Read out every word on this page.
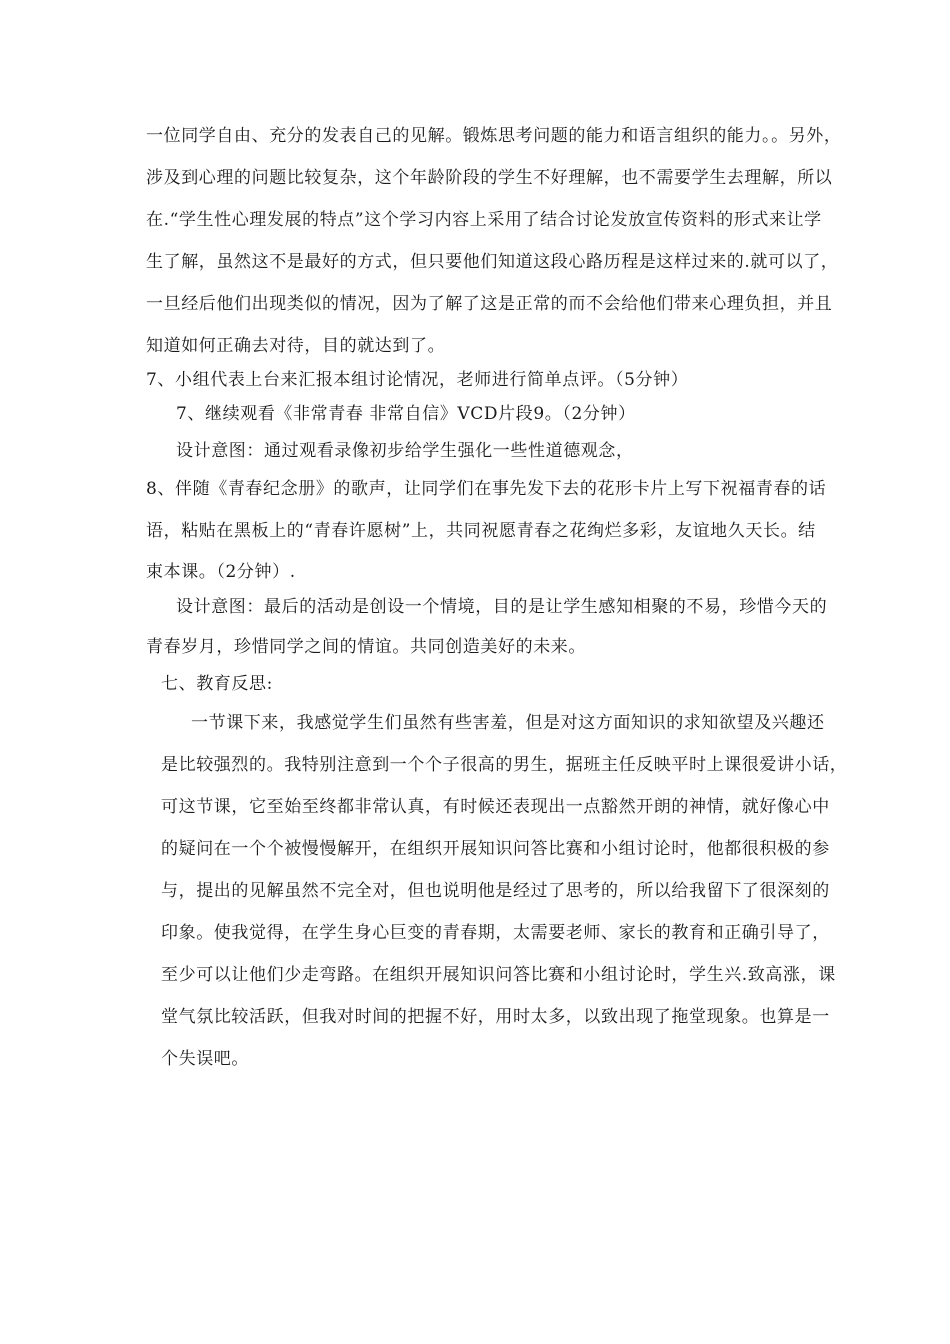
一位同学自由、充分的发表自己的见解。锻炼思考问题的能力和语言组织的能力。。另外，
涉及到心理的问题比较复杂，这个年龄阶段的学生不好理解，也不需要学生去理解，所以
在.“学生性心理发展的特点”这个学习内容上采用了结合讨论发放宣传资料的形式来让学
生了解，虽然这不是最好的方式，但只要他们知道这段心路历程是这样过来的.就可以了，
一旦经后他们出现类似的情况，因为了解了这是正常的而不会给他们带来心理负担，并且
知道如何正确去对待，目的就达到了。
7、小组代表上台来汇报本组讨论情况，老师进行简单点评。（5分钟）
7、继续观看《非常青春 非常自信》VCD片段9。（2分钟）
设计意图：通过观看录像初步给学生强化一些性道德观念，
8、伴随《青春纪念册》的歌声，让同学们在事先发下去的花形卡片上写下祝福青春的话
语，粘贴在黑板上的“青春许愿树”上，共同祝愿青春之花绚烂多彩，友谊地久天长。结
束本课。（2分钟）.
设计意图：最后的活动是创设一个情境，目的是让学生感知相聚的不易，珍惜今天的
青春岁月，珍惜同学之间的情谊。共同创造美好的未来。
七、教育反思:
一节课下来，我感觉学生们虽然有些害羞，但是对这方面知识的求知欲望及兴趣还
是比较强烈的。我特别注意到一个个子很高的男生，据班主任反映平时上课很爱讲小话，
可这节课，它至始至终都非常认真，有时候还表现出一点豁然开朗的神情，就好像心中
的疑问在一个个被慢慢解开，在组织开展知识问答比赛和小组讨论时，他都很积极的参
与，提出的见解虽然不完全对，但也说明他是经过了思考的，所以给我留下了很深刻的
印象。使我觉得，在学生身心巨变的青春期，太需要老师、家长的教育和正确引导了，
至少可以让他们少走弯路。在组织开展知识问答比赛和小组讨论时，学生兴.致高涨，课
堂气氛比较活跃，但我对时间的把握不好，用时太多，以致出现了拖堂现象。也算是一
个失误吧。
